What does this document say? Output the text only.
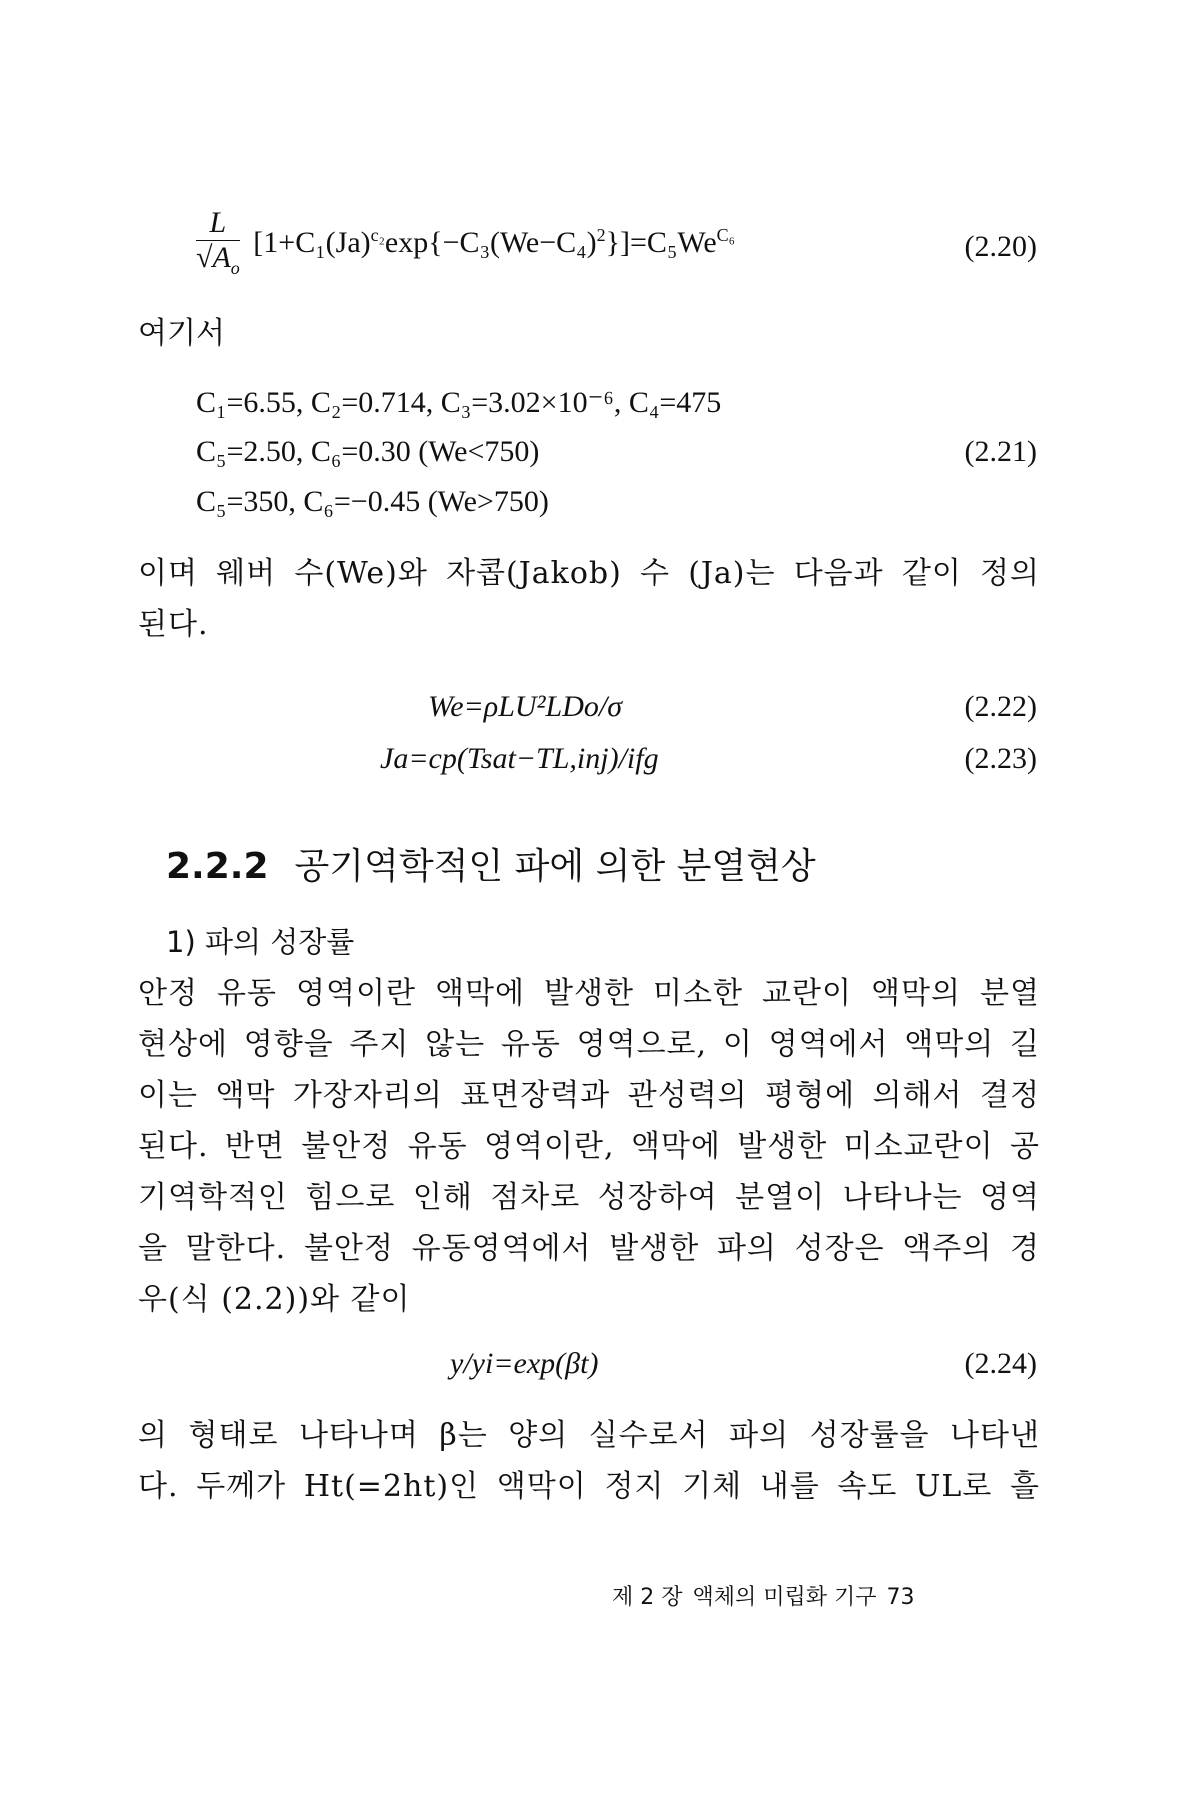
$\frac{L}{√A_o} [1+C_1(Ja)^{c_2}\exp\{-C_3(We-C_4)^2\}]=C_5We^{C_6}$	(2.20)
여기서
C₁=6.55, C₂=0.714, C₃=3.02×10⁻⁶, C₄=475
C₅=2.50, C₆=0.30 (We<750)	(2.21)
C₅=350, C₆=−0.45 (We>750)
이며 웨버 수(We)와 자콥(Jakob) 수 (Ja)는 다음과 같이 정의
된다.
We=ρLU²LDo/σ	(2.22)
Ja=cp(Tsat−TL,inj)/ifg	(2.23)
2.2.2 공기역학적인 파에 의한 분열현상
1) 파의 성장률
안정 유동 영역이란 액막에 발생한 미소한 교란이 액막의 분열
현상에 영향을 주지 않는 유동 영역으로, 이 영역에서 액막의 길
이는 액막 가장자리의 표면장력과 관성력의 평형에 의해서 결정
된다. 반면 불안정 유동 영역이란, 액막에 발생한 미소교란이 공
기역학적인 힘으로 인해 점차로 성장하여 분열이 나타나는 영역
을 말한다. 불안정 유동영역에서 발생한 파의 성장은 액주의 경
우(식 (2.2))와 같이
y/yi=exp(βt)	(2.24)
의 형태로 나타나며 β는 양의 실수로서 파의 성장률을 나타낸
다. 두께가 Ht(=2ht)인 액막이 정지 기체 내를 속도 UL로 흘
제 2 장 액체의 미립화 기구 73
